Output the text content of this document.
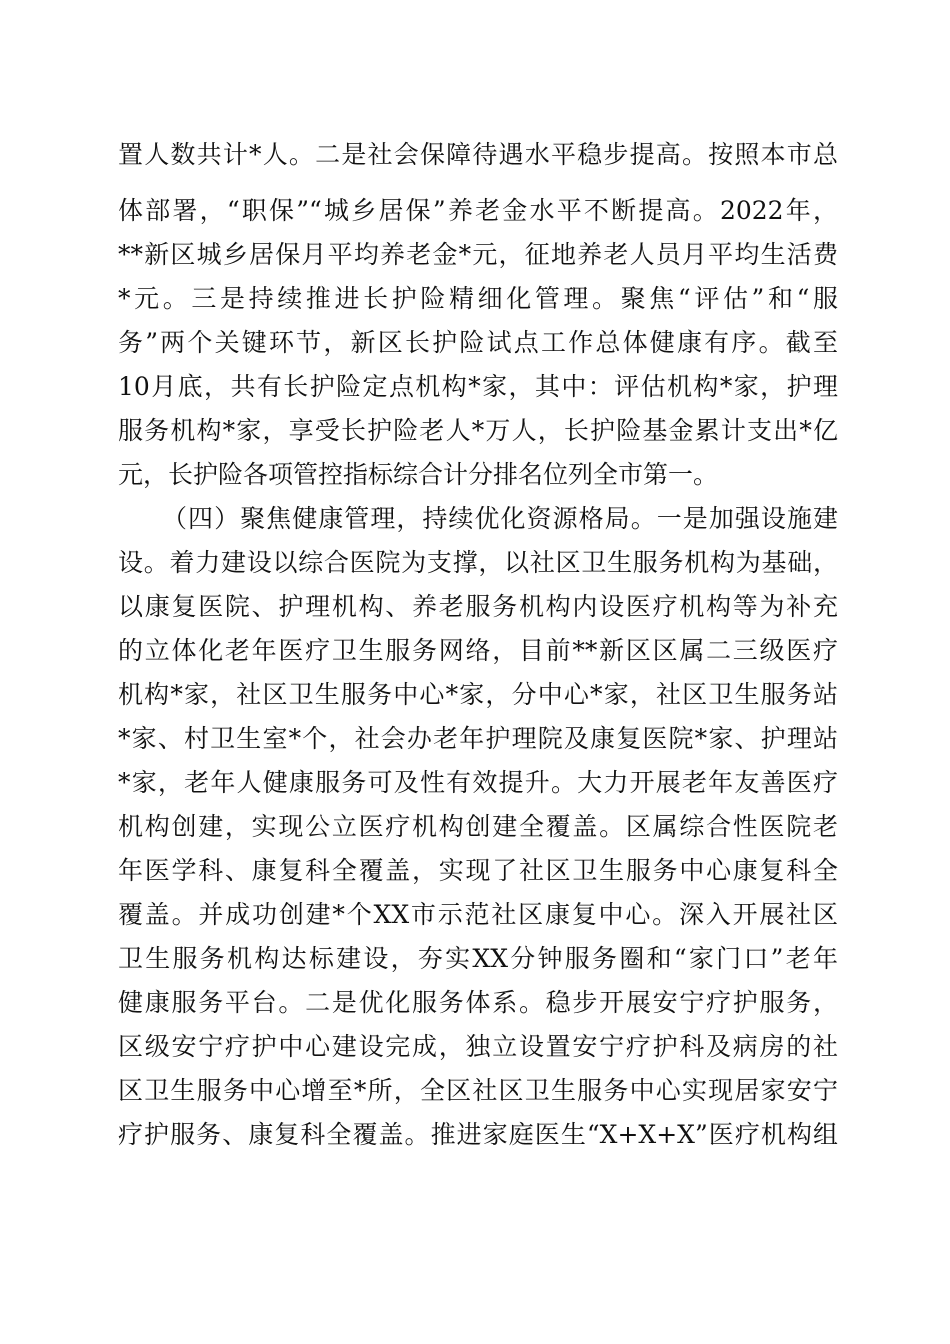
置人数共计*人。二是社会保障待遇水平稳步提高。按照本市总
体部署，“职保”“城乡居保”养老金水平不断提高。2022年，
**新区城乡居保月平均养老金*元，征地养老人员月平均生活费
*元。三是持续推进长护险精细化管理。聚焦“评估”和“服
务”两个关键环节，新区长护险试点工作总体健康有序。截至
10月底，共有长护险定点机构*家，其中：评估机构*家，护理
服务机构*家，享受长护险老人*万人，长护险基金累计支出*亿
元，长护险各项管控指标综合计分排名位列全市第一。
（四）聚焦健康管理，持续优化资源格局。一是加强设施建
设。着力建设以综合医院为支撑，以社区卫生服务机构为基础，
以康复医院、护理机构、养老服务机构内设医疗机构等为补充
的立体化老年医疗卫生服务网络，目前**新区区属二三级医疗
机构*家，社区卫生服务中心*家，分中心*家，社区卫生服务站
*家、村卫生室*个，社会办老年护理院及康复医院*家、护理站
*家，老年人健康服务可及性有效提升。大力开展老年友善医疗
机构创建，实现公立医疗机构创建全覆盖。区属综合性医院老
年医学科、康复科全覆盖，实现了社区卫生服务中心康复科全
覆盖。并成功创建*个XX市示范社区康复中心。深入开展社区
卫生服务机构达标建设，夯实XX分钟服务圈和“家门口”老年
健康服务平台。二是优化服务体系。稳步开展安宁疗护服务，
区级安宁疗护中心建设完成，独立设置安宁疗护科及病房的社
区卫生服务中心增至*所，全区社区卫生服务中心实现居家安宁
疗护服务、康复科全覆盖。推进家庭医生“X+X+X”医疗机构组
